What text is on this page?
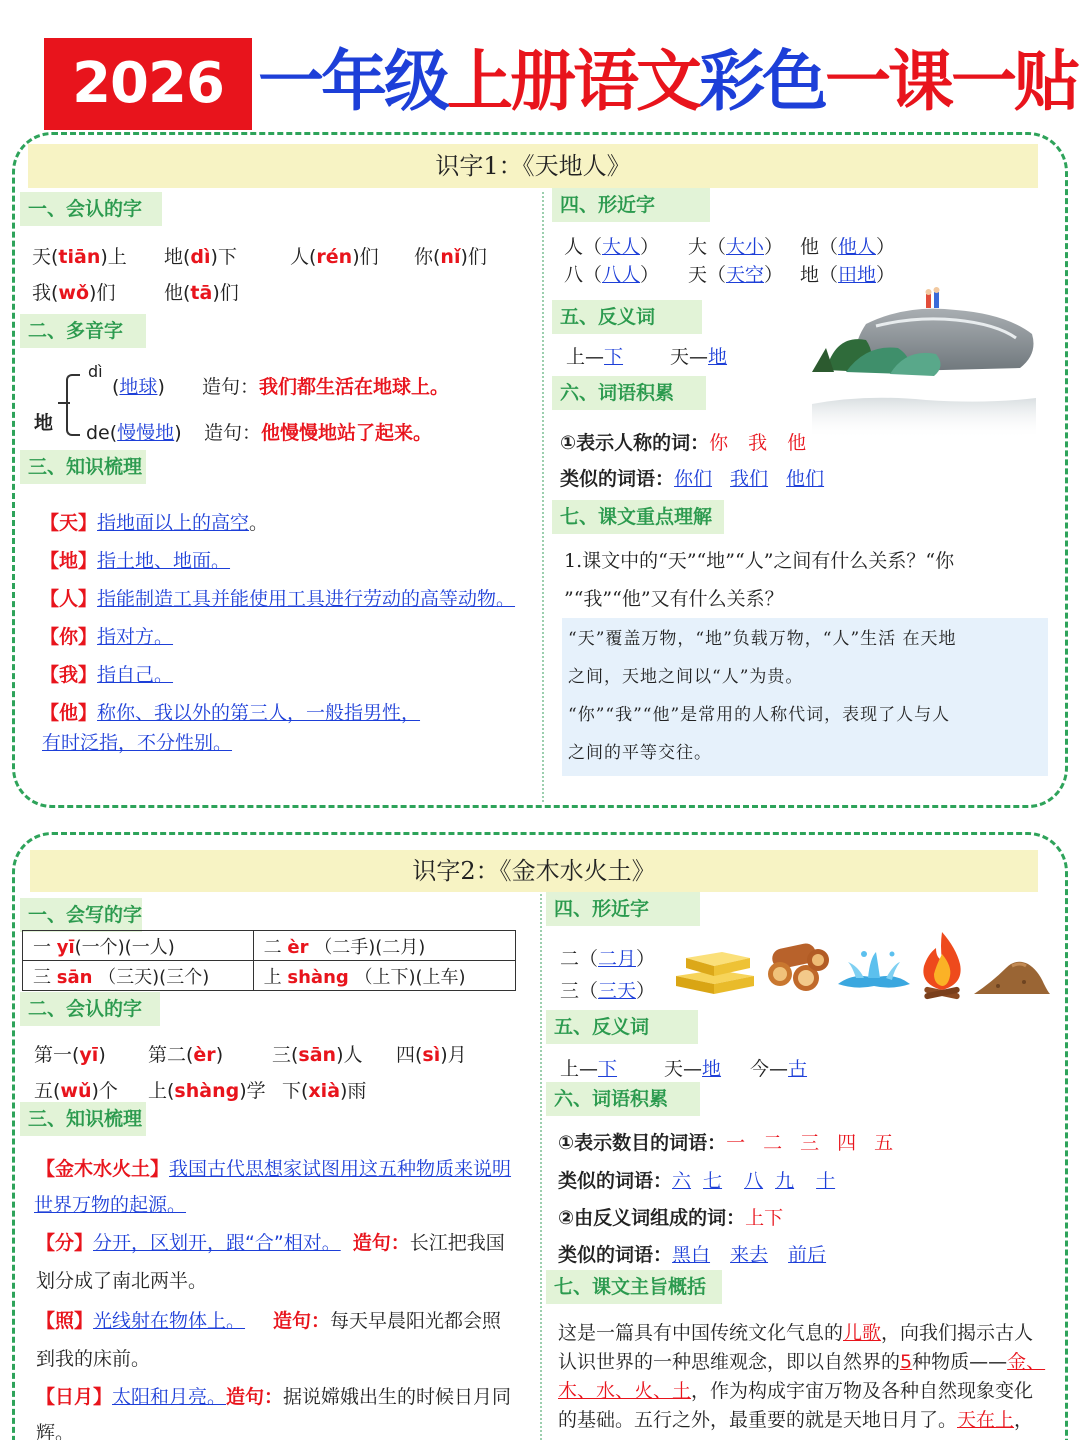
2026 一年级上册语文彩色一课一贴
识字1：《天地人》
一、会认的字
天(tiān)上 地(dì)下	人(rén)们 你(nǐ)们
我(wǒ)们	他(tā)们
二、多音字
地
dì
(地球) 造句：我们都生活在地球上。
de(慢慢地) 造句：他慢慢地站了起来。
三、知识梳理
【天】指地面以上的高空。
【地】指土地、地面。
【人】指能制造工具并能使用工具进行劳动的高等动物。
【你】指对方。
【我】指自己。
【他】称你、我以外的第三人，一般指男性，
有时泛指，不分性别。
四、形近字
人（大人） 大（大小） 他（他人）
八（八人） 天（天空） 地（田地）
五、反义词
上—下 天—地
六、词语积累
①表示人称的词：你 我 他
类似的词语：你们 我们 他们
七、课文重点理解
1.课文中的“天”“地”“人”之间有什么关系？“你
”“我”“他”又有什么关系？
“天”覆盖万物，“地”负载万物，“人”生活 在天地
之间，天地之间以“人”为贵。
“你”“我”“他”是常用的人称代词，表现了人与人
之间的平等交往。
识字2：《金木水火土》
一、会写的字
一 yī(一个)(一人)	二 èr （二手)(二月)
三 sān （三天)(三个)	上 shàng （上下)(上车)
二、会认的字
第一(yī) 第二(èr)	三(sān)人 四(sì)月
五(wǔ)个 上(shàng)学 下(xià)雨
三、知识梳理
【金木水火土】我国古代思想家试图用这五种物质来说明
世界万物的起源。
【分】分开，区划开，跟“合”相对。 造句：长江把我国
划分成了南北两半。
【照】光线射在物体上。 造句：每天早晨阳光都会照
到我的床前。
【日月】太阳和月亮。造句：据说嫦娥出生的时候日月同
辉。
四、形近字
二（二月）
三（三天）
五、反义词
上—下 天—地 今—古
六、词语积累
①表示数目的词语：一 二 三 四 五
类似的词语：六 七 八 九 十
②由反义词组成的词：上下
类似的词语：黑白 来去 前后
七、课文主旨概括
这是一篇具有中国传统文化气息的儿歌，向我们揭示古人
认识世界的一种思维观念，即以自然界的5种物质——金、
木、水、火、土，作为构成宇宙万物及各种自然现象变化
的基础。五行之外，最重要的就是天地日月了。天在上，
